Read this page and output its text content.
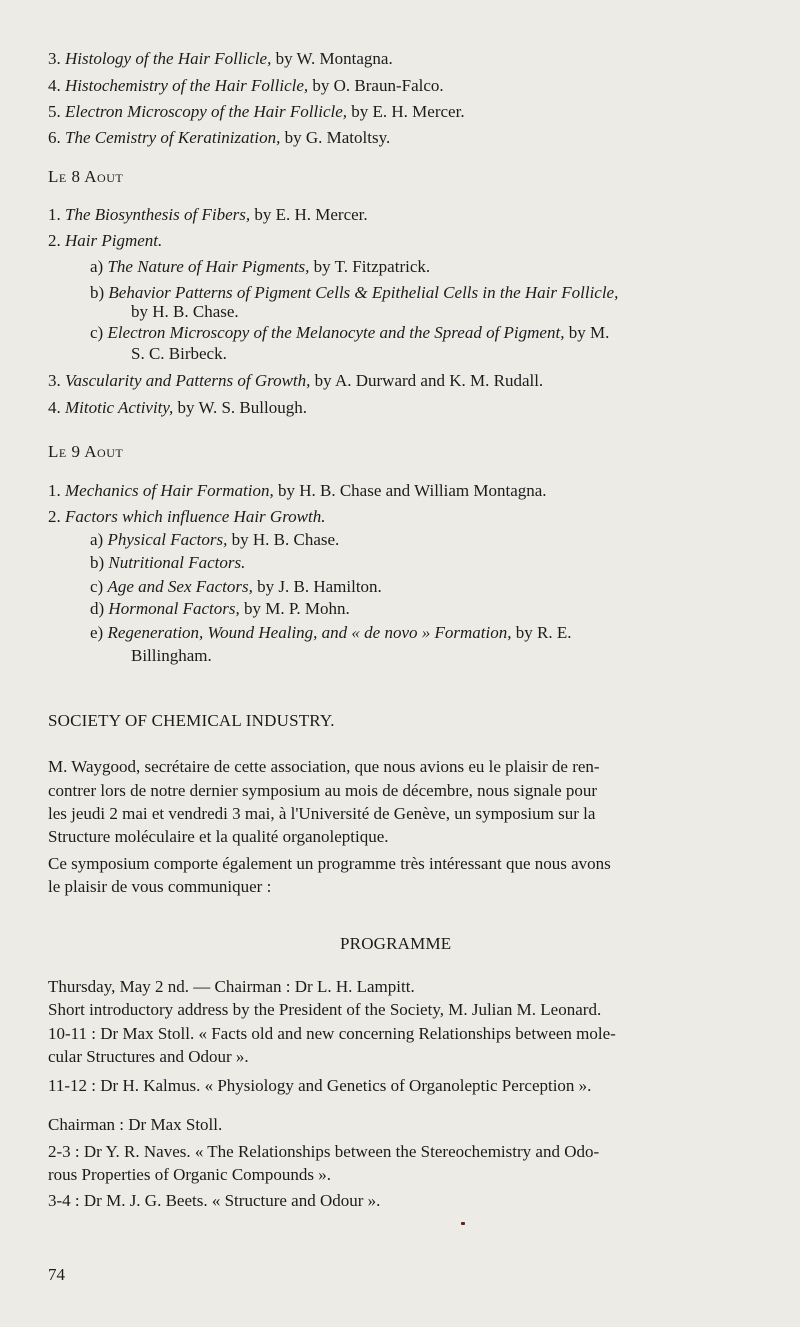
3. Histology of the Hair Follicle, by W. Montagna.
4. Histochemistry of the Hair Follicle, by O. Braun-Falco.
5. Electron Microscopy of the Hair Follicle, by E. H. Mercer.
6. The Cemistry of Keratinization, by G. Matoltsy.
Le 8 Aout
1. The Biosynthesis of Fibers, by E. H. Mercer.
2. Hair Pigment.
a) The Nature of Hair Pigments, by T. Fitzpatrick.
b) Behavior Patterns of Pigment Cells & Epithelial Cells in the Hair Follicle,
by H. B. Chase.
c) Electron Microscopy of the Melanocyte and the Spread of Pigment, by M.
S. C. Birbeck.
3. Vascularity and Patterns of Growth, by A. Durward and K. M. Rudall.
4. Mitotic Activity, by W. S. Bullough.
Le 9 Aout
1. Mechanics of Hair Formation, by H. B. Chase and William Montagna.
2. Factors which influence Hair Growth.
a) Physical Factors, by H. B. Chase.
b) Nutritional Factors.
c) Age and Sex Factors, by J. B. Hamilton.
d) Hormonal Factors, by M. P. Mohn.
e) Regeneration, Wound Healing, and « de novo » Formation, by R. E.
Billingham.
SOCIETY OF CHEMICAL INDUSTRY.
M. Waygood, secrétaire de cette association, que nous avions eu le plaisir de ren-
contrer lors de notre dernier symposium au mois de décembre, nous signale pour
les jeudi 2 mai et vendredi 3 mai, à l'Université de Genève, un symposium sur la
Structure moléculaire et la qualité organoleptique.
Ce symposium comporte également un programme très intéressant que nous avons
le plaisir de vous communiquer :
PROGRAMME
Thursday, May 2 nd. — Chairman : Dr L. H. Lampitt.
Short introductory address by the President of the Society, M. Julian M. Leonard.
10-11 : Dr Max Stoll. « Facts old and new concerning Relationships between mole-
cular Structures and Odour ».
11-12 : Dr H. Kalmus. « Physiology and Genetics of Organoleptic Perception ».
Chairman : Dr Max Stoll.
2-3 : Dr Y. R. Naves. « The Relationships between the Stereochemistry and Odo-
rous Properties of Organic Compounds ».
3-4 : Dr M. J. G. Beets. « Structure and Odour ».
74
